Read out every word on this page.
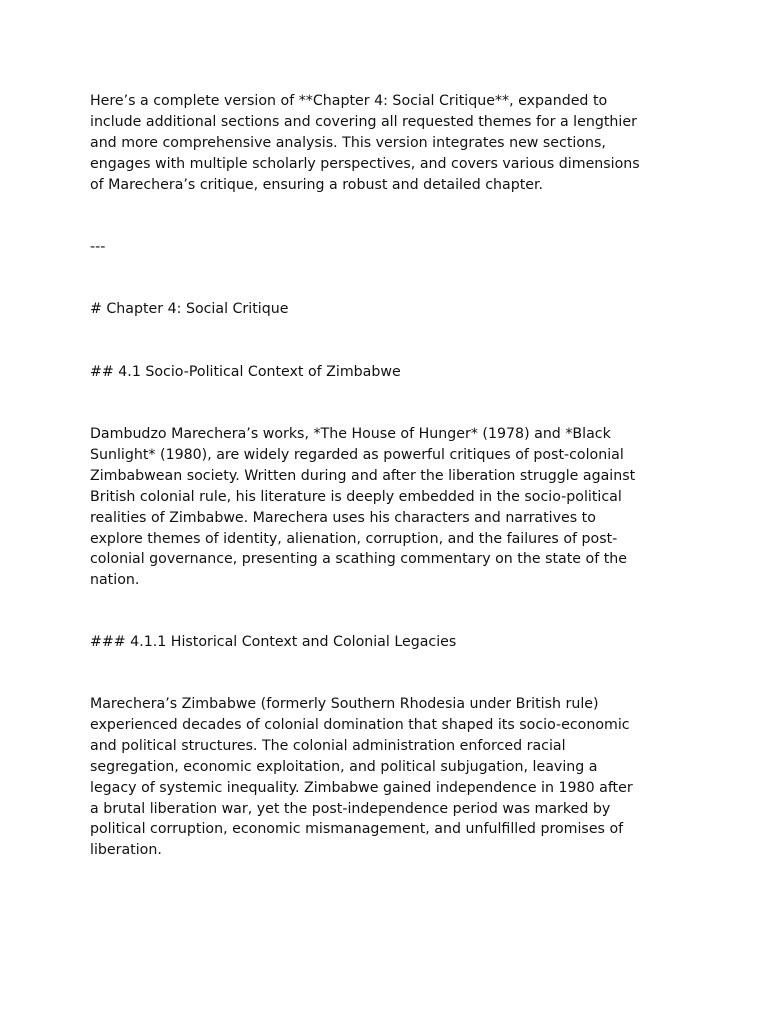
Here’s a complete version of **Chapter 4: Social Critique**, expanded to
include additional sections and covering all requested themes for a lengthier
and more comprehensive analysis. This version integrates new sections,
engages with multiple scholarly perspectives, and covers various dimensions
of Marechera’s critique, ensuring a robust and detailed chapter.
---
# Chapter 4: Social Critique
## 4.1 Socio-Political Context of Zimbabwe
Dambudzo Marechera’s works, *The House of Hunger* (1978) and *Black
Sunlight* (1980), are widely regarded as powerful critiques of post-colonial
Zimbabwean society. Written during and after the liberation struggle against
British colonial rule, his literature is deeply embedded in the socio-political
realities of Zimbabwe. Marechera uses his characters and narratives to
explore themes of identity, alienation, corruption, and the failures of post-
colonial governance, presenting a scathing commentary on the state of the
nation.
### 4.1.1 Historical Context and Colonial Legacies
Marechera’s Zimbabwe (formerly Southern Rhodesia under British rule)
experienced decades of colonial domination that shaped its socio-economic
and political structures. The colonial administration enforced racial
segregation, economic exploitation, and political subjugation, leaving a
legacy of systemic inequality. Zimbabwe gained independence in 1980 after
a brutal liberation war, yet the post-independence period was marked by
political corruption, economic mismanagement, and unfulfilled promises of
liberation.
